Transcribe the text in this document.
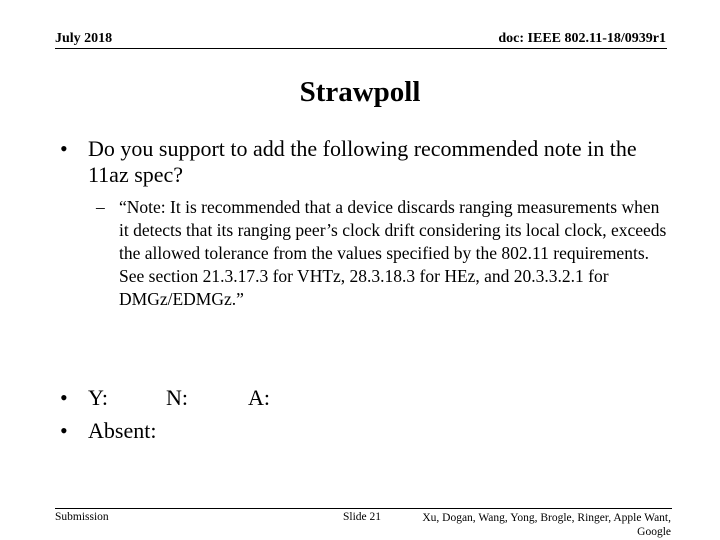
July 2018	doc: IEEE 802.11-18/0939r1
Strawpoll
• Do you support to add the following recommended note in the 11az spec?
– “Note: It is recommended that a device discards ranging measurements when it detects that its ranging peer’s clock drift considering its local clock, exceeds the allowed tolerance from the values specified by the 802.11 requirements. See section 21.3.17.3 for VHTz, 28.3.18.3 for HEz, and 20.3.3.2.1 for DMGz/EDMGz.”
• Y:	N:	A:
• Absent:
Submission	Slide 21	Xu, Dogan, Wang, Yong, Brogle, Ringer, Apple Want, Google
